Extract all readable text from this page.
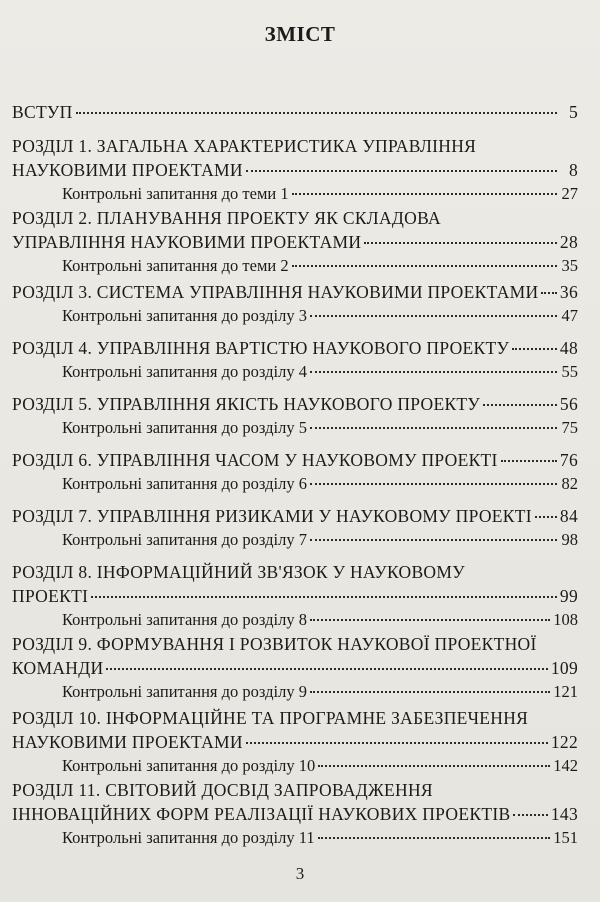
ЗМІСТ
ВСТУП	5
РОЗДІЛ 1. ЗАГАЛЬНА ХАРАКТЕРИСТИКА УПРАВЛІННЯ
НАУКОВИМИ ПРОЕКТАМИ	8
Контрольні запитання до теми 1	27
РОЗДІЛ 2. ПЛАНУВАННЯ ПРОЕКТУ ЯК СКЛАДОВА
УПРАВЛІННЯ НАУКОВИМИ ПРОЕКТАМИ	28
Контрольні запитання до теми 2	35
РОЗДІЛ 3. СИСТЕМА УПРАВЛІННЯ НАУКОВИМИ ПРОЕКТАМИ 36
Контрольні запитання до розділу 3	47
РОЗДІЛ 4. УПРАВЛІННЯ ВАРТІСТЮ НАУКОВОГО ПРОЕКТУ	48
Контрольні запитання до розділу 4	55
РОЗДІЛ 5. УПРАВЛІННЯ ЯКІСТЬ НАУКОВОГО ПРОЕКТУ	56
Контрольні запитання до розділу 5	75
РОЗДІЛ 6. УПРАВЛІННЯ ЧАСОМ У НАУКОВОМУ ПРОЕКТІ	76
Контрольні запитання до розділу 6	82
РОЗДІЛ 7. УПРАВЛІННЯ РИЗИКАМИ У НАУКОВОМУ ПРОЕКТІ 84
Контрольні запитання до розділу 7	98
РОЗДІЛ 8. ІНФОРМАЦІЙНИЙ ЗВ'ЯЗОК У НАУКОВОМУ
ПРОЕКТІ	99
Контрольні запитання до розділу 8	108
РОЗДІЛ 9. ФОРМУВАННЯ І РОЗВИТОК НАУКОВОЇ ПРОЕКТНОЇ
КОМАНДИ	109
Контрольні запитання до розділу 9	121
РОЗДІЛ 10. ІНФОРМАЦІЙНЕ ТА ПРОГРАМНЕ ЗАБЕЗПЕЧЕННЯ
НАУКОВИМИ ПРОЕКТАМИ	122
Контрольні запитання до розділу 10	142
РОЗДІЛ 11. СВІТОВИЙ ДОСВІД ЗАПРОВАДЖЕННЯ
ІННОВАЦІЙНИХ ФОРМ РЕАЛІЗАЦІЇ НАУКОВИХ ПРОЕКТІВ 143
Контрольні запитання до розділу 11	151
3
